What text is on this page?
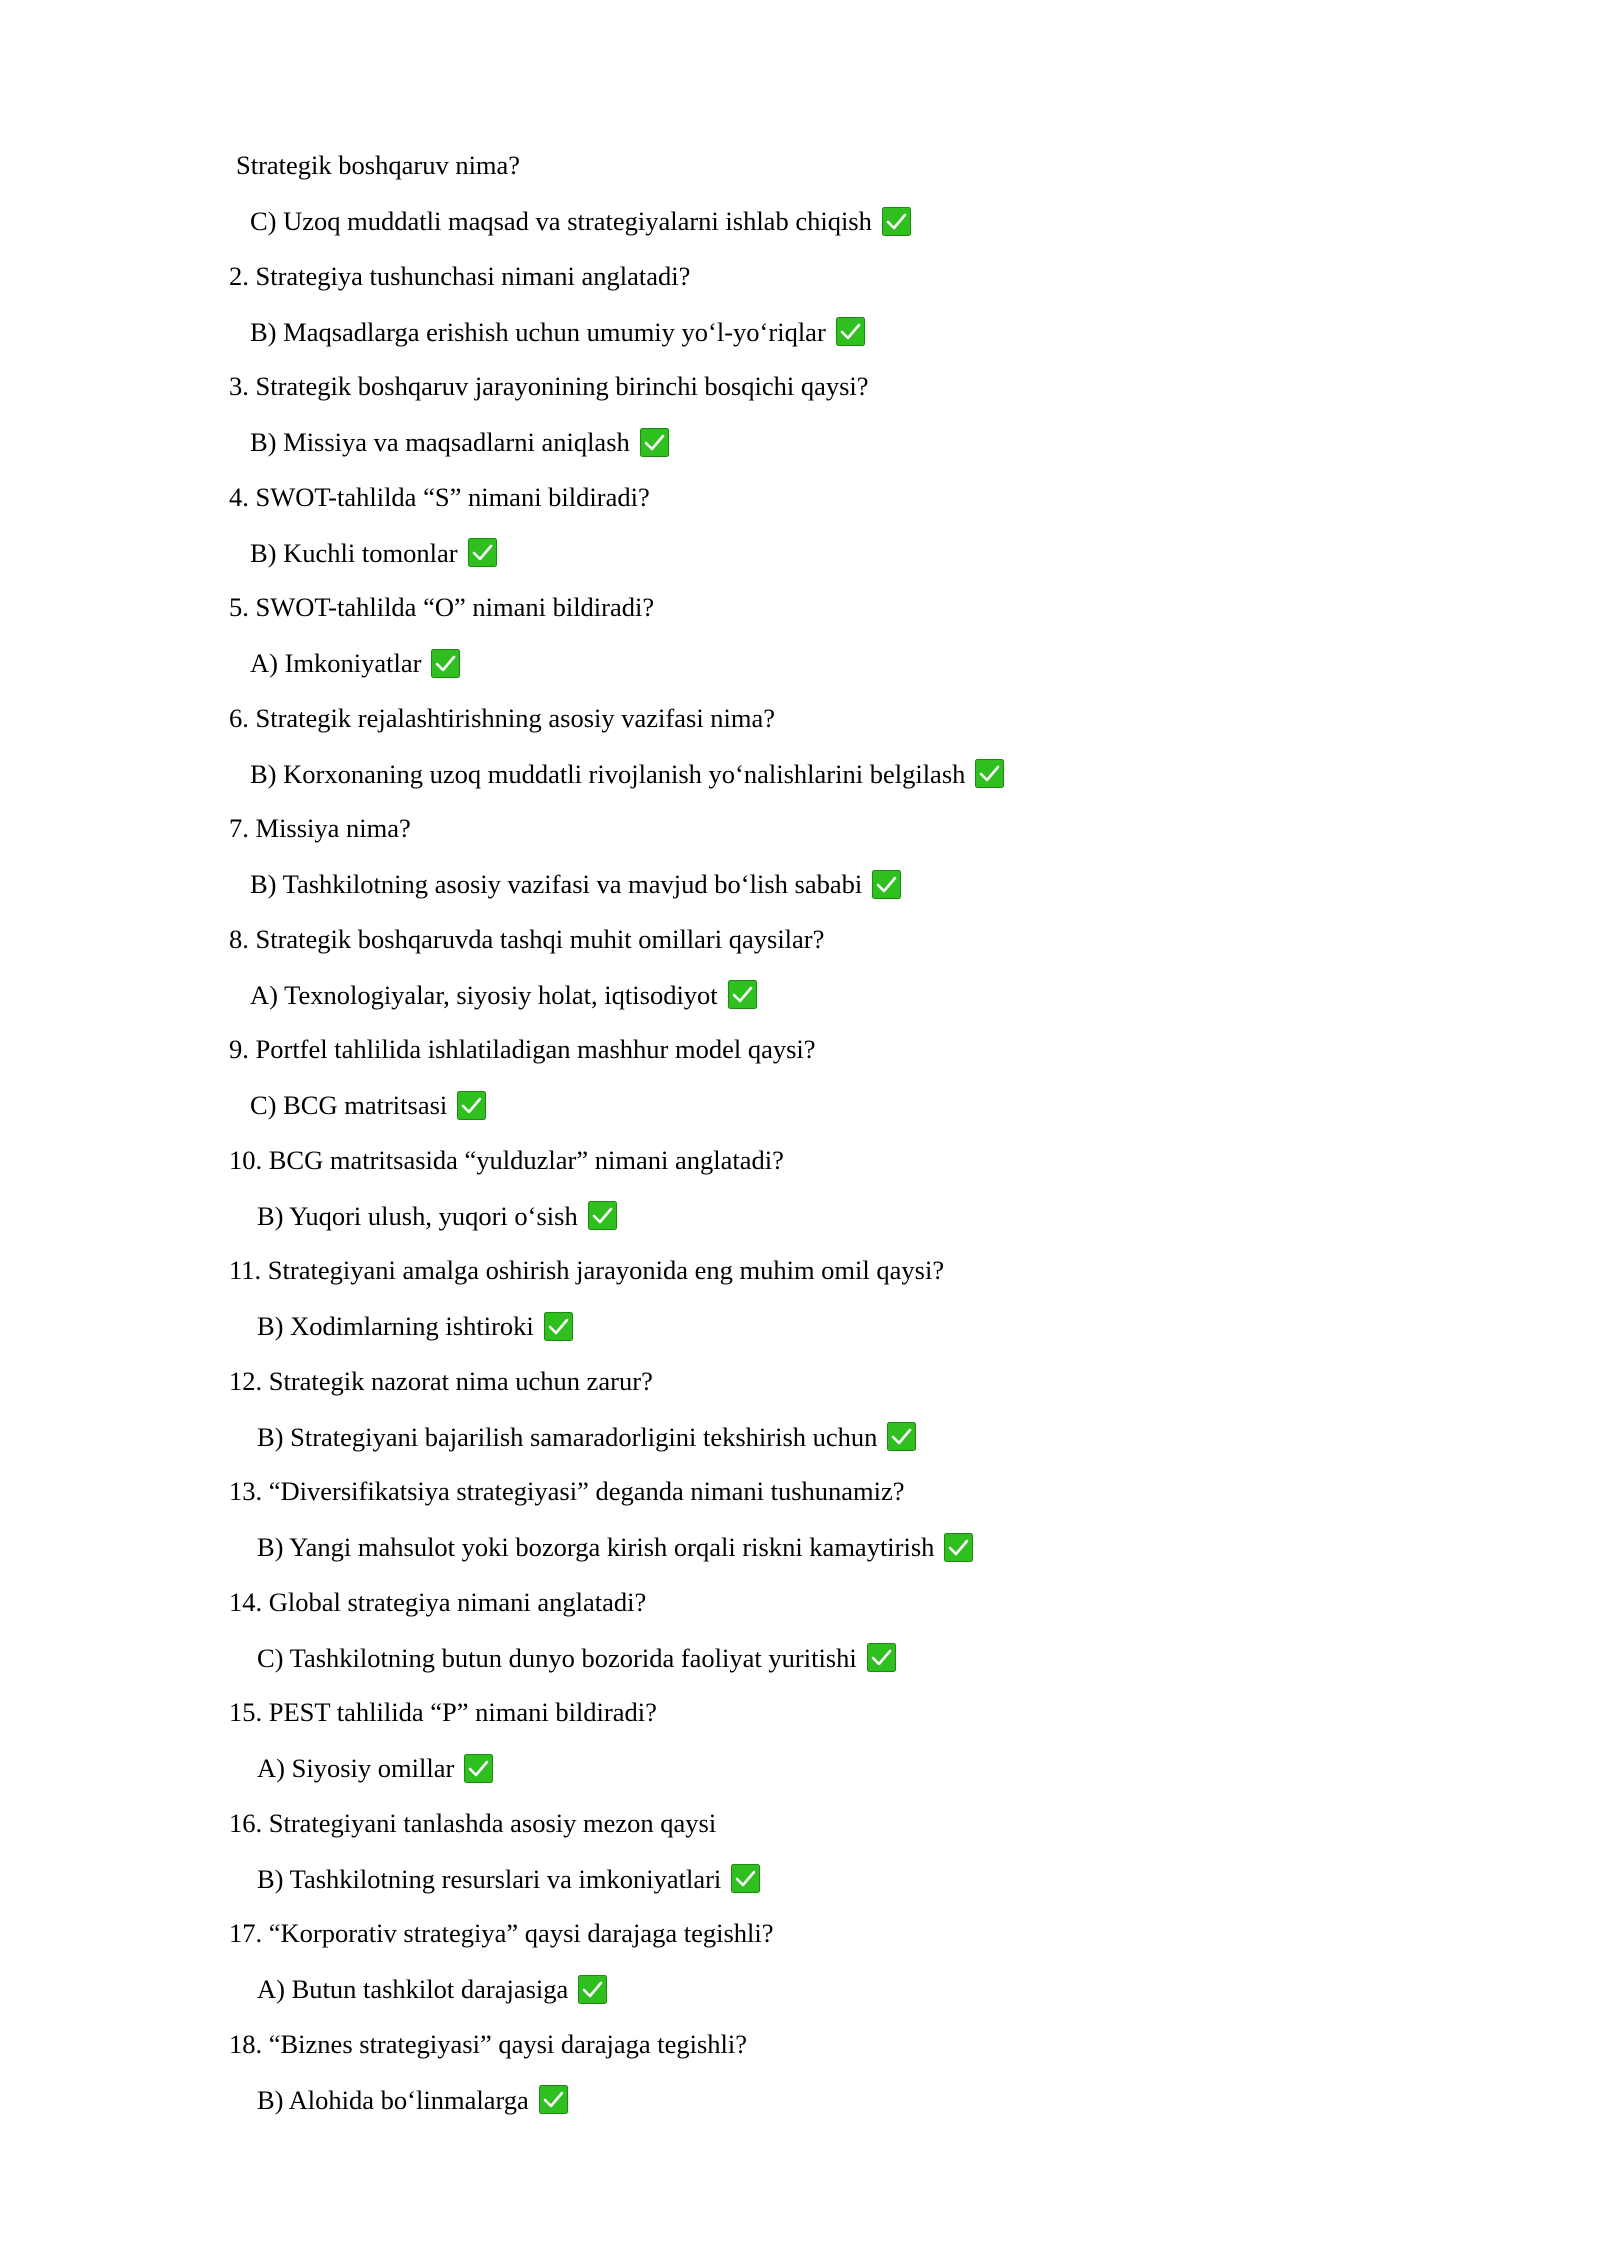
Strategik boshqaruv nima?
C) Uzoq muddatli maqsad va strategiyalarni ishlab chiqish
2. Strategiya tushunchasi nimani anglatadi?
B) Maqsadlarga erishish uchun umumiy yo‘l-yo‘riqlar
3. Strategik boshqaruv jarayonining birinchi bosqichi qaysi?
B) Missiya va maqsadlarni aniqlash
4. SWOT-tahlilda “S” nimani bildiradi?
B) Kuchli tomonlar
5. SWOT-tahlilda “O” nimani bildiradi?
A) Imkoniyatlar
6. Strategik rejalashtirishning asosiy vazifasi nima?
B) Korxonaning uzoq muddatli rivojlanish yo‘nalishlarini belgilash
7. Missiya nima?
B) Tashkilotning asosiy vazifasi va mavjud bo‘lish sababi
8. Strategik boshqaruvda tashqi muhit omillari qaysilar?
A) Texnologiyalar, siyosiy holat, iqtisodiyot
9. Portfel tahlilida ishlatiladigan mashhur model qaysi?
C) BCG matritsasi
10. BCG matritsasida “yulduzlar” nimani anglatadi?
B) Yuqori ulush, yuqori o‘sish
11. Strategiyani amalga oshirish jarayonida eng muhim omil qaysi?
B) Xodimlarning ishtiroki
12. Strategik nazorat nima uchun zarur?
B) Strategiyani bajarilish samaradorligini tekshirish uchun
13. “Diversifikatsiya strategiyasi” deganda nimani tushunamiz?
B) Yangi mahsulot yoki bozorga kirish orqali riskni kamaytirish
14. Global strategiya nimani anglatadi?
C) Tashkilotning butun dunyo bozorida faoliyat yuritishi
15. PEST tahlilida “P” nimani bildiradi?
A) Siyosiy omillar
16. Strategiyani tanlashda asosiy mezon qaysi
B) Tashkilotning resurslari va imkoniyatlari
17. “Korporativ strategiya” qaysi darajaga tegishli?
A) Butun tashkilot darajasiga
18. “Biznes strategiyasi” qaysi darajaga tegishli?
B) Alohida bo‘linmalarga
